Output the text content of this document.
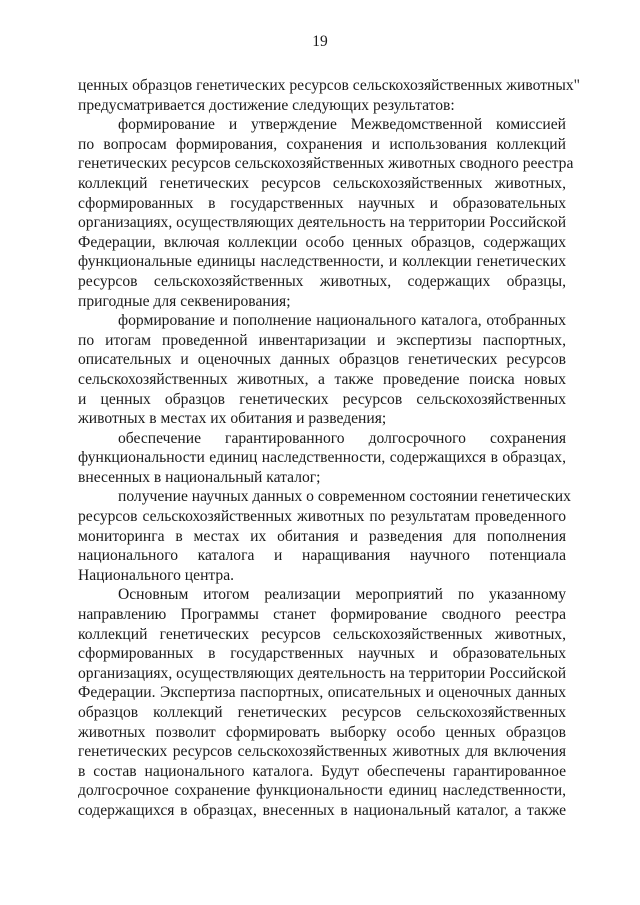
19
ценных образцов генетических ресурсов сельскохозяйственных животных"
предусматривается достижение следующих результатов:
формирование и утверждение Межведомственной комиссией
по вопросам формирования, сохранения и использования коллекций
генетических ресурсов сельскохозяйственных животных сводного реестра
коллекций генетических ресурсов сельскохозяйственных животных,
сформированных в государственных научных и образовательных
организациях, осуществляющих деятельность на территории Российской
Федерации, включая коллекции особо ценных образцов, содержащих
функциональные единицы наследственности, и коллекции генетических
ресурсов сельскохозяйственных животных, содержащих образцы,
пригодные для секвенирования;
формирование и пополнение национального каталога, отобранных
по итогам проведенной инвентаризации и экспертизы паспортных,
описательных и оценочных данных образцов генетических ресурсов
сельскохозяйственных животных, а также проведение поиска новых
и ценных образцов генетических ресурсов сельскохозяйственных
животных в местах их обитания и разведения;
обеспечение гарантированного долгосрочного сохранения
функциональности единиц наследственности, содержащихся в образцах,
внесенных в национальный каталог;
получение научных данных о современном состоянии генетических
ресурсов сельскохозяйственных животных по результатам проведенного
мониторинга в местах их обитания и разведения для пополнения
национального каталога и наращивания научного потенциала
Национального центра.
Основным итогом реализации мероприятий по указанному
направлению Программы станет формирование сводного реестра
коллекций генетических ресурсов сельскохозяйственных животных,
сформированных в государственных научных и образовательных
организациях, осуществляющих деятельность на территории Российской
Федерации. Экспертиза паспортных, описательных и оценочных данных
образцов коллекций генетических ресурсов сельскохозяйственных
животных позволит сформировать выборку особо ценных образцов
генетических ресурсов сельскохозяйственных животных для включения
в состав национального каталога. Будут обеспечены гарантированное
долгосрочное сохранение функциональности единиц наследственности,
содержащихся в образцах, внесенных в национальный каталог, а также
